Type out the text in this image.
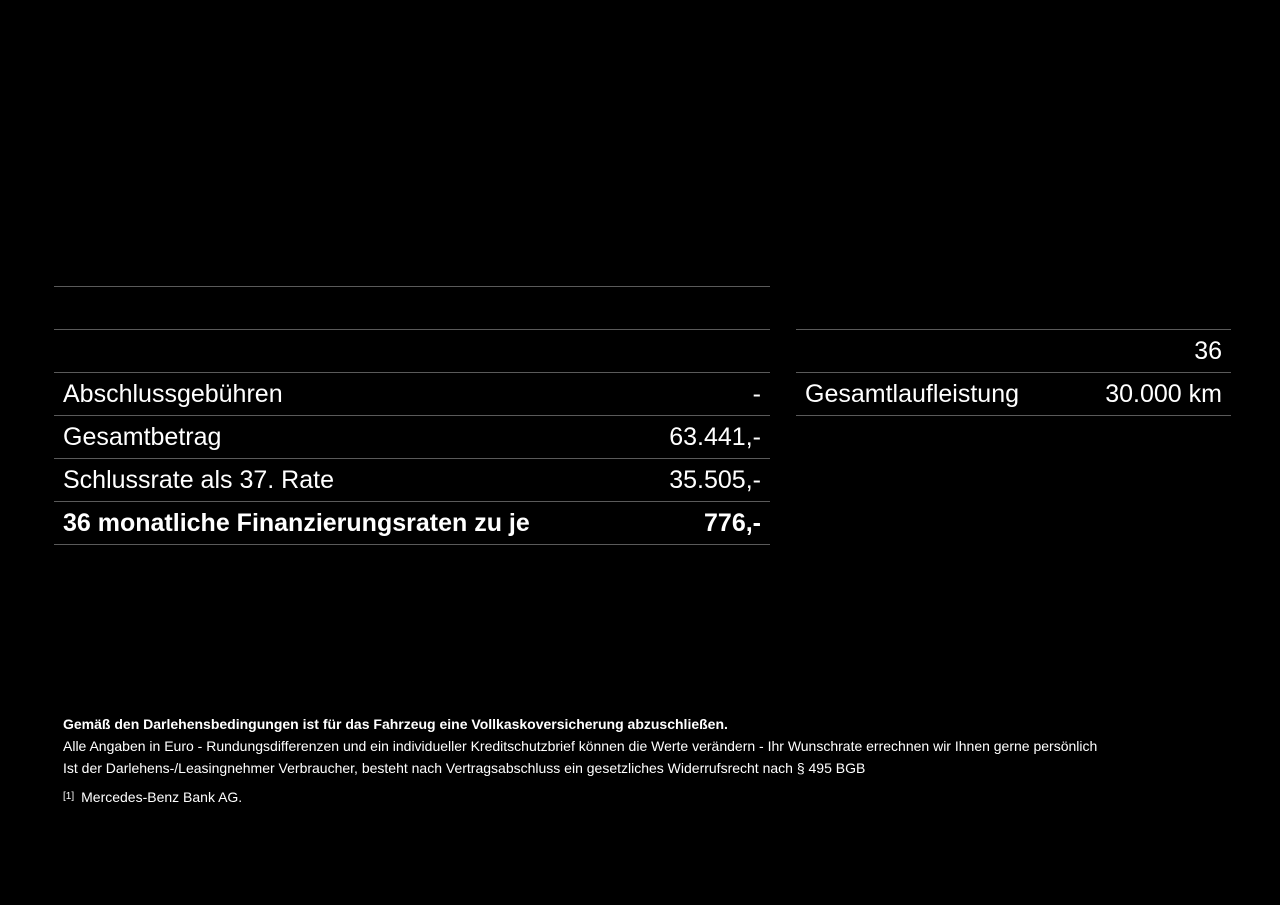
Abschlussgebühren	-
Gesamtbetrag	63.441,-
Schlussrate als 37. Rate	35.505,-
36 monatliche Finanzierungsraten zu je	776,-
36
Gesamtlaufleistung	30.000 km

Gemäß den Darlehensbedingungen ist für das Fahrzeug eine Vollkaskoversicherung abzuschließen.

Alle Angaben in Euro - Rundungsdifferenzen und ein individueller Kreditschutzbrief können die Werte verändern - Ihr Wunschrate errechnen wir Ihnen gerne persönlich

Ist der Darlehens-/Leasingnehmer Verbraucher, besteht nach Vertragsabschluss ein gesetzliches Widerrufsrecht nach § 495 BGB

[1] Mercedes-Benz Bank AG.
